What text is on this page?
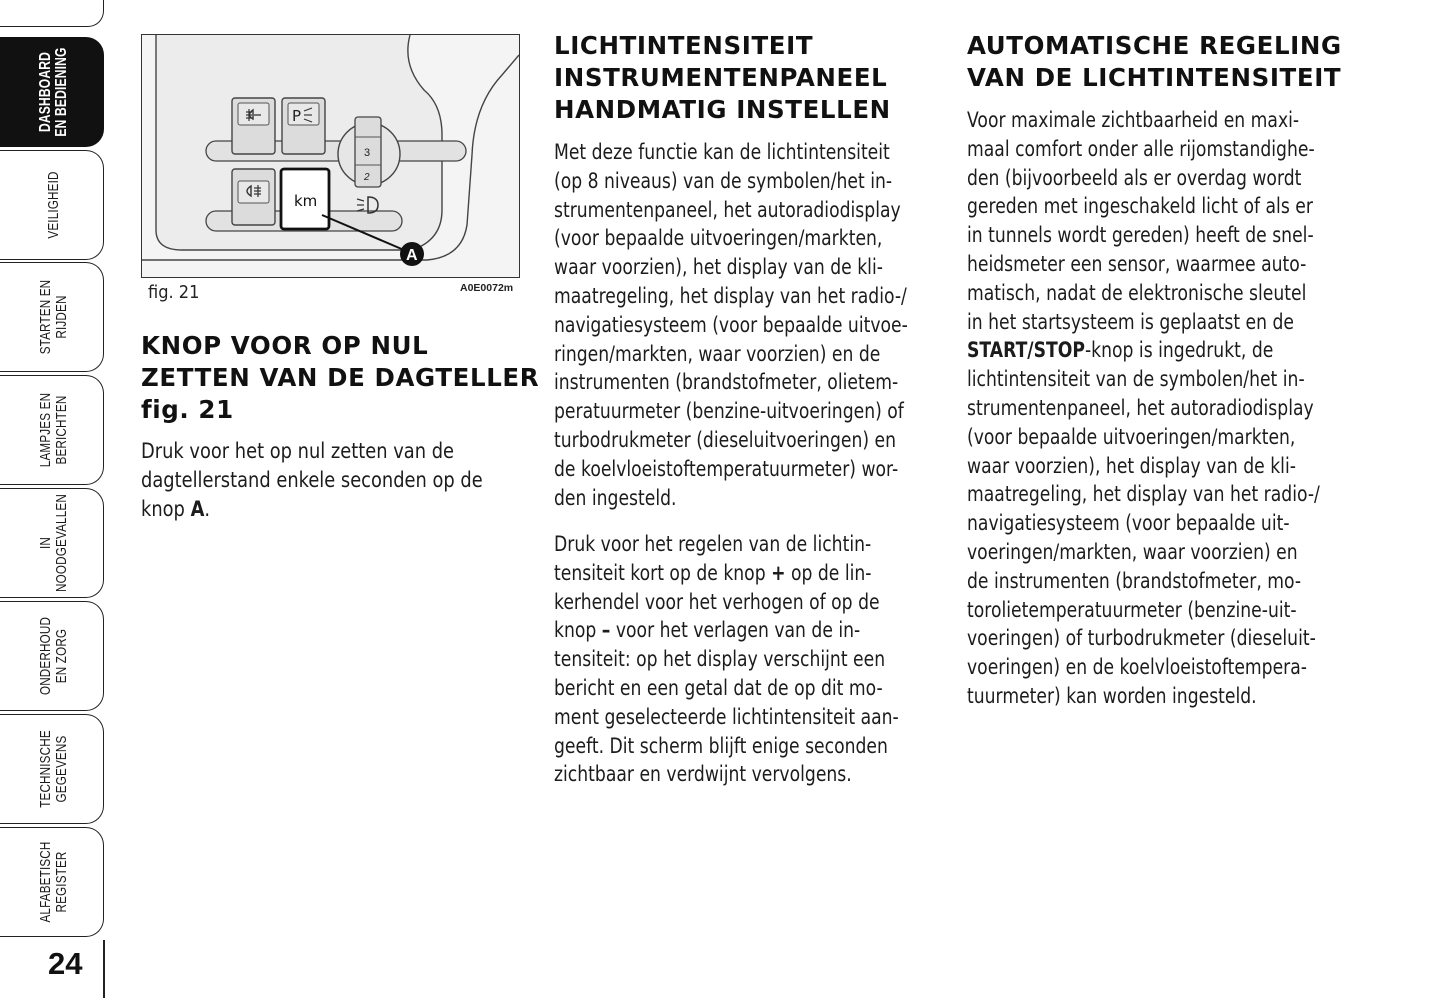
DASHBOARD
EN BEDIENING
VEILIGHEID
STARTEN EN
RIJDEN
LAMPJES EN
BERICHTEN
IN
NOODGEVALLEN
ONDERHOUD
EN ZORG
TECHNISCHE
GEGEVENS
ALFABETISCH
REGISTER
24
P
km
3
2
A
fig. 21	A0E0072m
KNOP VOOR OP NUL
ZETTEN VAN DE DAGTELLER
fig. 21

Druk voor het op nul zetten van de
dagtellerstand enkele seconden op de
knop A.

LICHTINTENSITEIT
INSTRUMENTENPANEEL
HANDMATIG INSTELLEN

Met deze functie kan de lichtintensiteit
(op 8 niveaus) van de symbolen/het in-
strumentenpaneel, het autoradiodisplay
(voor bepaalde uitvoeringen/markten,
waar voorzien), het display van de kli-
maatregeling, het display van het radio-/
navigatiesysteem (voor bepaalde uitvoe-
ringen/markten, waar voorzien) en de
instrumenten (brandstofmeter, olietem-
peratuurmeter (benzine-uitvoeringen) of
turbodrukmeter (dieseluitvoeringen) en
de koelvloeistoftemperatuurmeter) wor-
den ingesteld.

Druk voor het regelen van de lichtin-
tensiteit kort op de knop + op de lin-
kerhendel voor het verhogen of op de
knop – voor het verlagen van de in-
tensiteit: op het display verschijnt een
bericht en een getal dat de op dit mo-
ment geselecteerde lichtintensiteit aan-
geeft. Dit scherm blijft enige seconden
zichtbaar en verdwijnt vervolgens.

AUTOMATISCHE REGELING
VAN DE LICHTINTENSITEIT

Voor maximale zichtbaarheid en maxi-
maal comfort onder alle rijomstandighe-
den (bijvoorbeeld als er overdag wordt
gereden met ingeschakeld licht of als er
in tunnels wordt gereden) heeft de snel-
heidsmeter een sensor, waarmee auto-
matisch, nadat de elektronische sleutel
in het startsysteem is geplaatst en de
START/STOP-knop is ingedrukt, de
lichtintensiteit van de symbolen/het in-
strumentenpaneel, het autoradiodisplay
(voor bepaalde uitvoeringen/markten,
waar voorzien), het display van de kli-
maatregeling, het display van het radio-/
navigatiesysteem (voor bepaalde uit-
voeringen/markten, waar voorzien) en
de instrumenten (brandstofmeter, mo-
torolietemperatuurmeter (benzine-uit-
voeringen) of turbodrukmeter (dieseluit-
voeringen) en de koelvloeistoftempera-
tuurmeter) kan worden ingesteld.
